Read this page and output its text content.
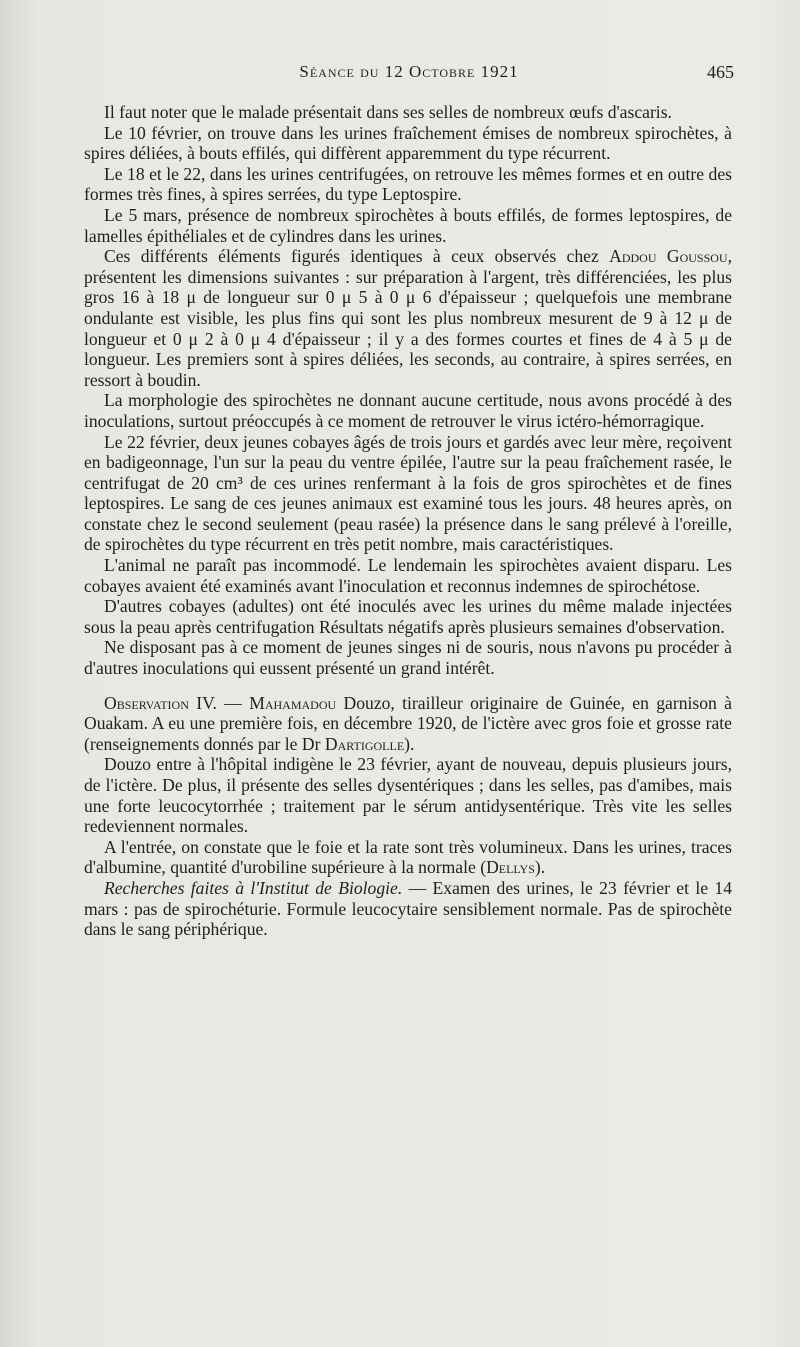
Séance du 12 Octobre 1921	465

Il faut noter que le malade présentait dans ses selles de nombreux œufs d'ascaris.

Le 10 février, on trouve dans les urines fraîchement émises de nombreux spirochètes, à spires déliées, à bouts effilés, qui diffèrent apparemment du type récurrent.

Le 18 et le 22, dans les urines centrifugées, on retrouve les mêmes formes et en outre des formes très fines, à spires serrées, du type Leptospire.

Le 5 mars, présence de nombreux spirochètes à bouts effilés, de formes leptospires, de lamelles épithéliales et de cylindres dans les urines.

Ces différents éléments figurés identiques à ceux observés chez Addou Goussou, présentent les dimensions suivantes : sur préparation à l'argent, très différenciées, les plus gros 16 à 18 μ de longueur sur 0 μ 5 à 0 μ 6 d'épaisseur ; quelquefois une membrane ondulante est visible, les plus fins qui sont les plus nombreux mesurent de 9 à 12 μ de longueur et 0 μ 2 à 0 μ 4 d'épaisseur ; il y a des formes courtes et fines de 4 à 5 μ de longueur. Les premiers sont à spires déliées, les seconds, au contraire, à spires serrées, en ressort à boudin.

La morphologie des spirochètes ne donnant aucune certitude, nous avons procédé à des inoculations, surtout préoccupés à ce moment de retrouver le virus ictéro-hémorragique.

Le 22 février, deux jeunes cobayes âgés de trois jours et gardés avec leur mère, reçoivent en badigeonnage, l'un sur la peau du ventre épilée, l'autre sur la peau fraîchement rasée, le centrifugat de 20 cm³ de ces urines renfermant à la fois de gros spirochètes et de fines leptospires. Le sang de ces jeunes animaux est examiné tous les jours. 48 heures après, on constate chez le second seulement (peau rasée) la présence dans le sang prélevé à l'oreille, de spirochètes du type récurrent en très petit nombre, mais caractéristiques.

L'animal ne paraît pas incommodé. Le lendemain les spirochètes avaient disparu. Les cobayes avaient été examinés avant l'inoculation et reconnus indemnes de spirochétose.

D'autres cobayes (adultes) ont été inoculés avec les urines du même malade injectées sous la peau après centrifugation Résultats négatifs après plusieurs semaines d'observation.

Ne disposant pas à ce moment de jeunes singes ni de souris, nous n'avons pu procéder à d'autres inoculations qui eussent présenté un grand intérêt.

Observation IV. — Mahamadou Douzo, tirailleur originaire de Guinée, en garnison à Ouakam. A eu une première fois, en décembre 1920, de l'ictère avec gros foie et grosse rate (renseignements donnés par le Dr Dartigolle).

Douzo entre à l'hôpital indigène le 23 février, ayant de nouveau, depuis plusieurs jours, de l'ictère. De plus, il présente des selles dysentériques ; dans les selles, pas d'amibes, mais une forte leucocytorrhée ; traitement par le sérum antidysentérique. Très vite les selles redeviennent normales.

A l'entrée, on constate que le foie et la rate sont très volumineux. Dans les urines, traces d'albumine, quantité d'urobiline supérieure à la normale (Dellys).

Recherches faites à l'Institut de Biologie. — Examen des urines, le 23 février et le 14 mars : pas de spirochéturie. Formule leucocytaire sensiblement normale. Pas de spirochète dans le sang périphérique.
